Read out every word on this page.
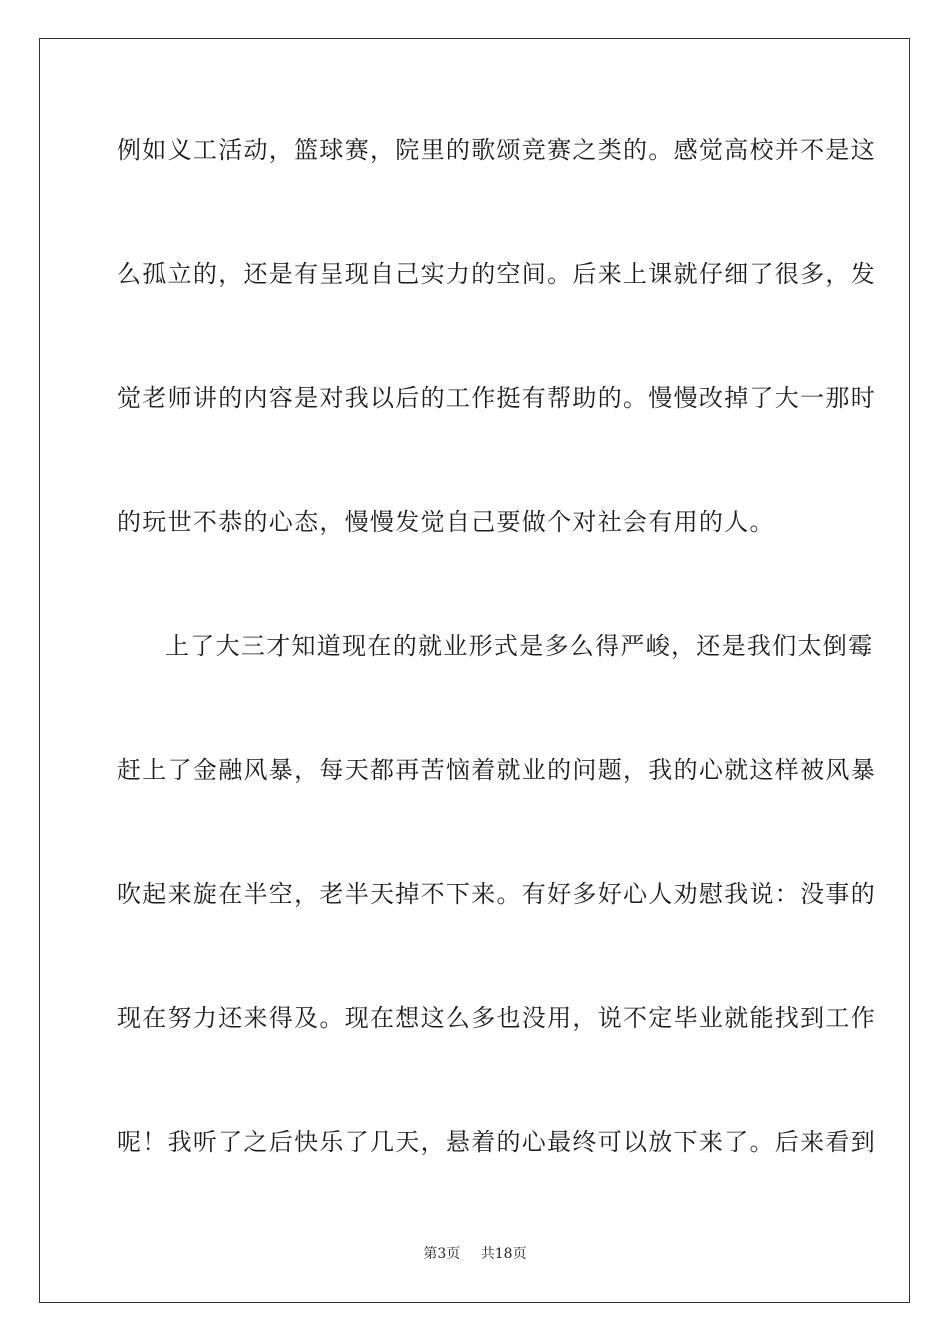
例如义工活动，篮球赛，院里的歌颂竞赛之类的。感觉高校并不是这
么孤立的，还是有呈现自己实力的空间。后来上课就仔细了很多，发
觉老师讲的内容是对我以后的工作挺有帮助的。慢慢改掉了大一那时
的玩世不恭的心态，慢慢发觉自己要做个对社会有用的人。
上了大三才知道现在的就业形式是多么得严峻，还是我们太倒霉
赶上了金融风暴，每天都再苦恼着就业的问题，我的心就这样被风暴
吹起来旋在半空，老半天掉不下来。有好多好心人劝慰我说：没事的
现在努力还来得及。现在想这么多也没用，说不定毕业就能找到工作
呢！我听了之后快乐了几天，悬着的心最终可以放下来了。后来看到
第3页 共18页
